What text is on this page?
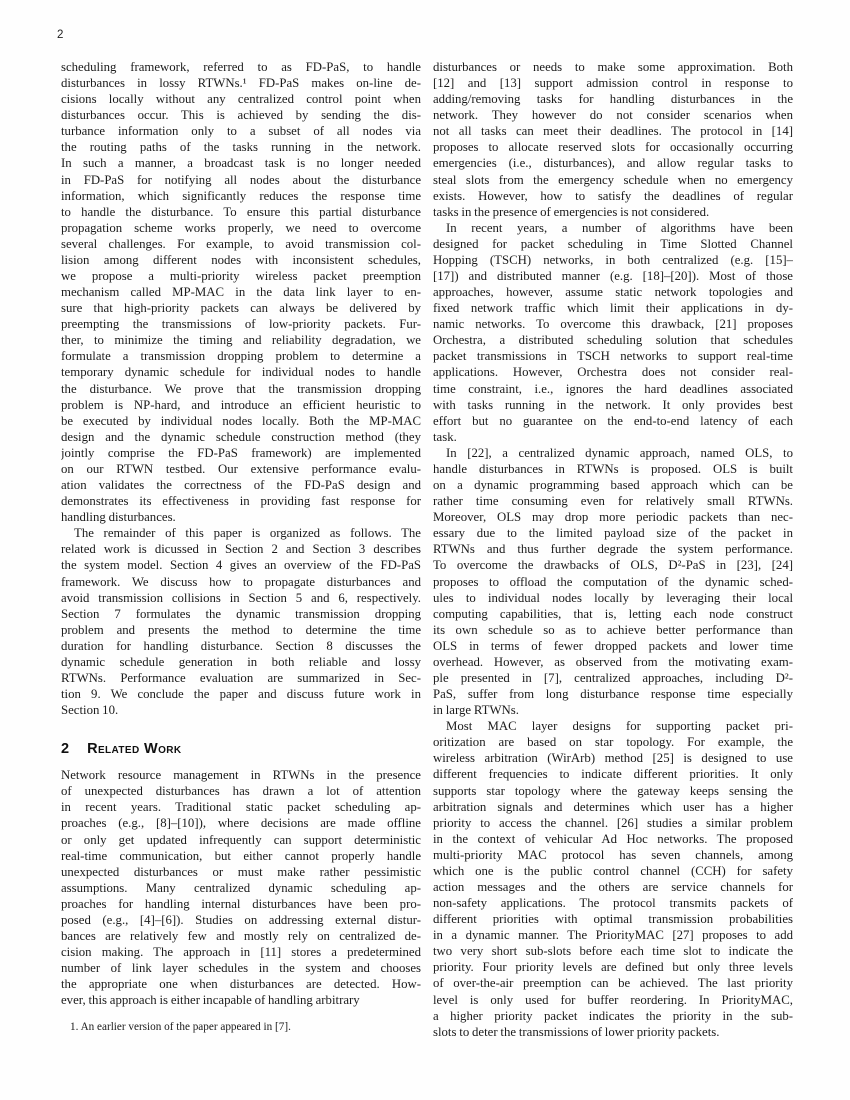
2
scheduling framework, referred to as FD-PaS, to handle
disturbances in lossy RTWNs.¹ FD-PaS makes on-line de-
cisions locally without any centralized control point when
disturbances occur. This is achieved by sending the dis-
turbance information only to a subset of all nodes via
the routing paths of the tasks running in the network.
In such a manner, a broadcast task is no longer needed
in FD-PaS for notifying all nodes about the disturbance
information, which significantly reduces the response time
to handle the disturbance. To ensure this partial disturbance
propagation scheme works properly, we need to overcome
several challenges. For example, to avoid transmission col-
lision among different nodes with inconsistent schedules,
we propose a multi-priority wireless packet preemption
mechanism called MP-MAC in the data link layer to en-
sure that high-priority packets can always be delivered by
preempting the transmissions of low-priority packets. Fur-
ther, to minimize the timing and reliability degradation, we
formulate a transmission dropping problem to determine a
temporary dynamic schedule for individual nodes to handle
the disturbance. We prove that the transmission dropping
problem is NP-hard, and introduce an efficient heuristic to
be executed by individual nodes locally. Both the MP-MAC
design and the dynamic schedule construction method (they
jointly comprise the FD-PaS framework) are implemented
on our RTWN testbed. Our extensive performance evalu-
ation validates the correctness of the FD-PaS design and
demonstrates its effectiveness in providing fast response for
handling disturbances.
The remainder of this paper is organized as follows. The
related work is dicussed in Section 2 and Section 3 describes
the system model. Section 4 gives an overview of the FD-PaS
framework. We discuss how to propagate disturbances and
avoid transmission collisions in Section 5 and 6, respectively.
Section 7 formulates the dynamic transmission dropping
problem and presents the method to determine the time
duration for handling disturbance. Section 8 discusses the
dynamic schedule generation in both reliable and lossy
RTWNs. Performance evaluation are summarized in Sec-
tion 9. We conclude the paper and discuss future work in
Section 10.
2 Related Work
Network resource management in RTWNs in the presence
of unexpected disturbances has drawn a lot of attention
in recent years. Traditional static packet scheduling ap-
proaches (e.g., [8]–[10]), where decisions are made offline
or only get updated infrequently can support deterministic
real-time communication, but either cannot properly handle
unexpected disturbances or must make rather pessimistic
assumptions. Many centralized dynamic scheduling ap-
proaches for handling internal disturbances have been pro-
posed (e.g., [4]–[6]). Studies on addressing external distur-
bances are relatively few and mostly rely on centralized de-
cision making. The approach in [11] stores a predetermined
number of link layer schedules in the system and chooses
the appropriate one when disturbances are detected. How-
ever, this approach is either incapable of handling arbitrary
1. An earlier version of the paper appeared in [7].
disturbances or needs to make some approximation. Both
[12] and [13] support admission control in response to
adding/removing tasks for handling disturbances in the
network. They however do not consider scenarios when
not all tasks can meet their deadlines. The protocol in [14]
proposes to allocate reserved slots for occasionally occurring
emergencies (i.e., disturbances), and allow regular tasks to
steal slots from the emergency schedule when no emergency
exists. However, how to satisfy the deadlines of regular
tasks in the presence of emergencies is not considered.
In recent years, a number of algorithms have been
designed for packet scheduling in Time Slotted Channel
Hopping (TSCH) networks, in both centralized (e.g. [15]–
[17]) and distributed manner (e.g. [18]–[20]). Most of those
approaches, however, assume static network topologies and
fixed network traffic which limit their applications in dy-
namic networks. To overcome this drawback, [21] proposes
Orchestra, a distributed scheduling solution that schedules
packet transmissions in TSCH networks to support real-time
applications. However, Orchestra does not consider real-
time constraint, i.e., ignores the hard deadlines associated
with tasks running in the network. It only provides best
effort but no guarantee on the end-to-end latency of each
task.
In [22], a centralized dynamic approach, named OLS, to
handle disturbances in RTWNs is proposed. OLS is built
on a dynamic programming based approach which can be
rather time consuming even for relatively small RTWNs.
Moreover, OLS may drop more periodic packets than nec-
essary due to the limited payload size of the packet in
RTWNs and thus further degrade the system performance.
To overcome the drawbacks of OLS, D²-PaS in [23], [24]
proposes to offload the computation of the dynamic sched-
ules to individual nodes locally by leveraging their local
computing capabilities, that is, letting each node construct
its own schedule so as to achieve better performance than
OLS in terms of fewer dropped packets and lower time
overhead. However, as observed from the motivating exam-
ple presented in [7], centralized approaches, including D²-
PaS, suffer from long disturbance response time especially
in large RTWNs.
Most MAC layer designs for supporting packet pri-
oritization are based on star topology. For example, the
wireless arbitration (WirArb) method [25] is designed to use
different frequencies to indicate different priorities. It only
supports star topology where the gateway keeps sensing the
arbitration signals and determines which user has a higher
priority to access the channel. [26] studies a similar problem
in the context of vehicular Ad Hoc networks. The proposed
multi-priority MAC protocol has seven channels, among
which one is the public control channel (CCH) for safety
action messages and the others are service channels for
non-safety applications. The protocol transmits packets of
different priorities with optimal transmission probabilities
in a dynamic manner. The PriorityMAC [27] proposes to add
two very short sub-slots before each time slot to indicate the
priority. Four priority levels are defined but only three levels
of over-the-air preemption can be achieved. The last priority
level is only used for buffer reordering. In PriorityMAC,
a higher priority packet indicates the priority in the sub-
slots to deter the transmissions of lower priority packets.
